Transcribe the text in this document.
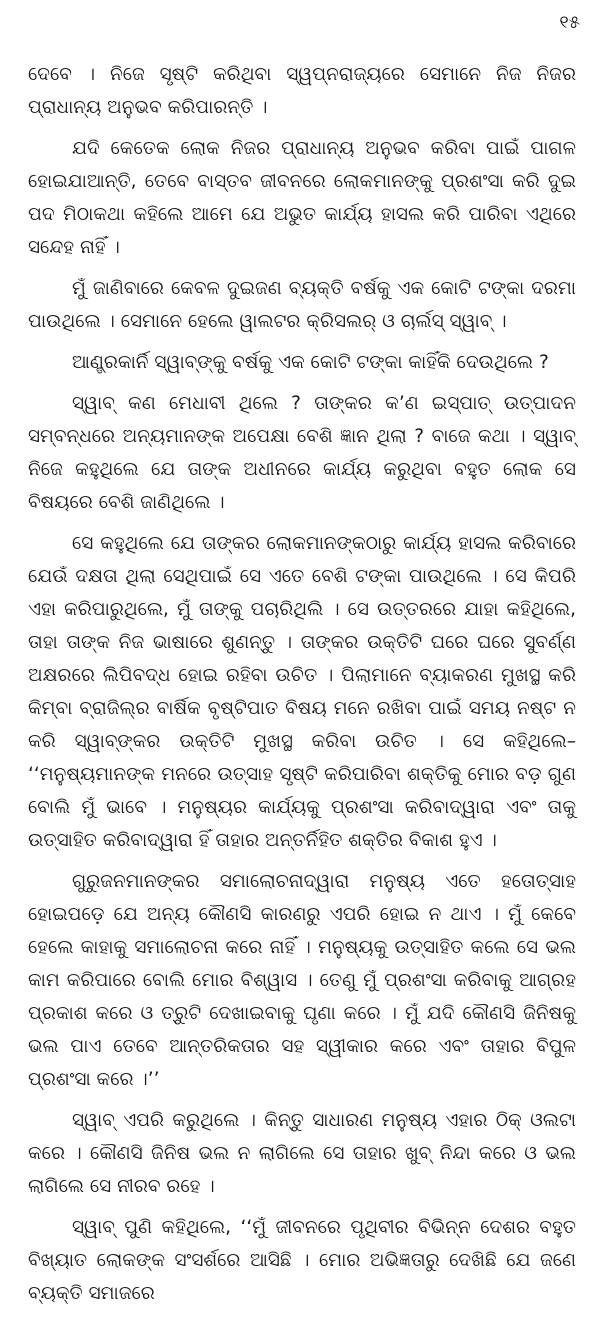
୧୫

ଦେବେ । ନିଜେ ସୃଷ୍ଟି କରିଥିବା ସ୍ୱପ୍ନରାଜ୍ୟରେ ସେମାନେ ନିଜ ନିଜର ପ୍ରାଧାନ୍ୟ ଅନୁଭବ କରିପାରନ୍ତି ।

ଯଦି କେତେକ ଲୋକ ନିଜର ପ୍ରାଧାନ୍ୟ ଅନୁଭବ କରିବା ପାଇଁ ପାଗଳ ହୋଇଯାଆନ୍ତି, ତେବେ ବାସ୍ତବ ଜୀବନରେ ଲୋକମାନଙ୍କୁ ପ୍ରଶଂସା କରି ଦୁଇ ପଦ ମିଠାକଥା କହିଲେ ଆମେ ଯେ ଅଭୁତ କାର୍ଯ୍ୟ ହାସଲ କରି ପାରିବା ଏଥିରେ ସନ୍ଦେହ ନାହିଁ ।

ମୁଁ ଜାଣିବାରେ କେବଳ ଦୁଇଜଣ ବ୍ୟକ୍ତି ବର୍ଷକୁ ଏକ କୋଟି ଟଙ୍କା ଦରମା ପାଉଥିଲେ । ସେମାନେ ହେଲେ ୱାଲଟର କ୍ରିସଲର୍ ଓ ଚାର୍ଲସ୍ ସ୍ୱାବ୍ ।

ଆଣ୍ଡ୍ରକାର୍ନି ସ୍ୱାବ୍‌ଙ୍କୁ ବର୍ଷକୁ ଏକ କୋଟି ଟଙ୍କା କାହିଁକି ଦେଉଥିଲେ ?

ସ୍ୱାବ୍ କଣ ମେଧାବୀ ଥିଲେ ? ତାଙ୍କର କ’ଣ ଇସ୍ପାତ୍ ଉତ୍ପାଦନ ସମ୍ବନ୍ଧରେ ଅନ୍ୟମାନଙ୍କ ଅପେକ୍ଷା ବେଶି ଜ୍ଞାନ ଥିଲା ? ବାଜେ କଥା । ସ୍ୱାବ୍ ନିଜେ କହୁଥିଲେ ଯେ ତାଙ୍କ ଅଧୀନରେ କାର୍ଯ୍ୟ କରୁଥିବା ବହୁତ ଲୋକ ସେ ବିଷୟରେ ବେଶି ଜାଣିଥିଲେ ।

ସେ କହୁଥିଲେ ଯେ ତାଙ୍କର ଲୋକମାନଙ୍କଠାରୁ କାର୍ଯ୍ୟ ହାସଲ କରିବାରେ ଯେଉଁ ଦକ୍ଷତା ଥିଲା ସେଥିପାଇଁ ସେ ଏତେ ବେଶି ଟଙ୍କା ପାଉଥିଲେ । ସେ କିପରି ଏହା କରିପାରୁଥିଲେ, ମୁଁ ତାଙ୍କୁ ପଚାରିଥିଲି । ସେ ଉତ୍ତରରେ ଯାହା କହିଥିଲେ, ତାହା ତାଙ୍କ ନିଜ ଭାଷାରେ ଶୁଣନ୍ତୁ । ତାଙ୍କର ଉକ୍ତିଟି ଘରେ ଘରେ ସୁବର୍ଣ୍ଣ ଅକ୍ଷରରେ ଲିପିବଦ୍ଧ ହୋଇ ରହିବା ଉଚିତ । ପିଲାମାନେ ବ୍ୟାକରଣ ମୁଖସ୍ଥ କରି କିମ୍ବା ବ୍ରାଜିଲ୍‌ର ବାର୍ଷିକ ବୃଷ୍ଟିପାତ ବିଷୟ ମନେ ରଖିବା ପାଇଁ ସମୟ ନଷ୍ଟ ନ କରି ସ୍ୱାବ୍‌ଙ୍କର ଉକ୍ତିଟି ମୁଖସ୍ଥ କରିବା ଉଚିତ । ସେ କହିଥିଲେ– ‘‘ମନୁଷ୍ୟମାନଙ୍କ ମନରେ ଉତ୍ସାହ ସୃଷ୍ଟି କରିପାରିବା ଶକ୍ତିକୁ ମୋର ବଡ଼ ଗୁଣ ବୋଲି ମୁଁ ଭାବେ । ମନୁଷ୍ୟର କାର୍ଯ୍ୟକୁ ପ୍ରଶଂସା କରିବାଦ୍ୱାରା ଏବଂ ତାକୁ ଉତ୍ସାହିତ କରିବାଦ୍ୱାରା ହିଁ ତାହାର ଅନ୍ତର୍ନିହିତ ଶକ୍ତିର ବିକାଶ ହୁଏ ।

ଗୁରୁଜନମାନଙ୍କର ସମାଲୋଚନାଦ୍ୱାରା ମନୁଷ୍ୟ ଏତେ ହତୋତ୍ସାହ ହୋଇପଡ଼େ ଯେ ଅନ୍ୟ କୌଣସି କାରଣରୁ ଏପରି ହୋଇ ନ ଥାଏ । ମୁଁ କେବେ ହେଲେ କାହାକୁ ସମାଲୋଚନା କରେ ନାହିଁ । ମନୁଷ୍ୟକୁ ଉତ୍ସାହିତ କଲେ ସେ ଭଲ କାମ କରିପାରେ ବୋଲି ମୋର ବିଶ୍ୱାସ । ତେଣୁ ମୁଁ ପ୍ରଶଂସା କରିବାକୁ ଆଗ୍ରହ ପ୍ରକାଶ କରେ ଓ ତ୍ରୁଟି ଦେଖାଇବାକୁ ଘୃଣା କରେ । ମୁଁ ଯଦି କୌଣସି ଜିନିଷକୁ ଭଲ ପାଏ ତେବେ ଆନ୍ତରିକତାର ସହ ସ୍ୱୀକାର କରେ ଏବଂ ତାହାର ବିପୁଳ ପ୍ରଶଂସା କରେ ।’’

ସ୍ୱାବ୍ ଏପରି କରୁଥିଲେ । କିନ୍ତୁ ସାଧାରଣ ମନୁଷ୍ୟ ଏହାର ଠିକ୍ ଓଲଟା କରେ । କୌଣସି ଜିନିଷ ଭଲ ନ ଲାଗିଲେ ସେ ତାହାର ଖୁବ୍ ନିନ୍ଦା କରେ ଓ ଭଲ ଲାଗିଲେ ସେ ନୀରବ ରହେ ।

ସ୍ୱାବ୍ ପୁଣି କହିଥିଲେ, ‘‘ମୁଁ ଜୀବନରେ ପୃଥିବୀର ବିଭିନ୍ନ ଦେଶର ବହୁତ ବିଖ୍ୟାତ ଲୋକଙ୍କ ସଂସର୍ଶରେ ଆସିଛି । ମୋର ଅଭିଜ୍ଞତାରୁ ଦେଖିଛି ଯେ ଜଣେ ବ୍ୟକ୍ତି ସମାଜରେ
